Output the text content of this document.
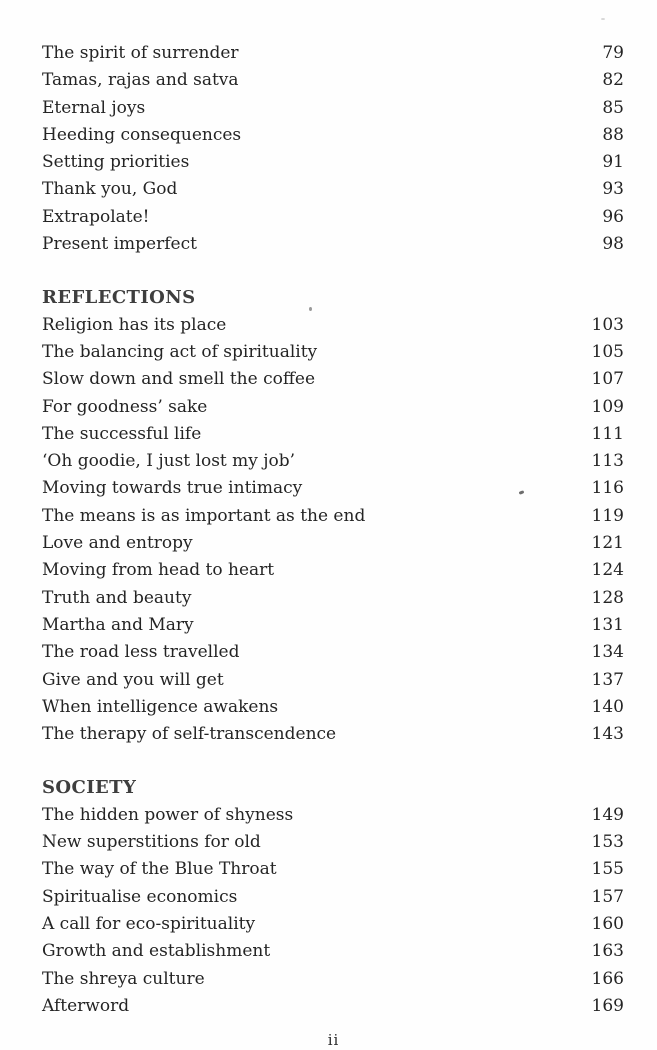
The spirit of surrender	79
Tamas, rajas and satva	82
Eternal joys	85
Heeding consequences	88
Setting priorities	91
Thank you, God	93
Extrapolate!	96
Present imperfect	98
REFLECTIONS
Religion has its place	103
The balancing act of spirituality	105
Slow down and smell the coffee	107
For goodness’ sake	109
The successful life	111
‘Oh goodie, I just lost my job’	113
Moving towards true intimacy	116
The means is as important as the end	119
Love and entropy	121
Moving from head to heart	124
Truth and beauty	128
Martha and Mary	131
The road less travelled	134
Give and you will get	137
When intelligence awakens	140
The therapy of self-transcendence	143
SOCIETY
The hidden power of shyness	149
New superstitions for old	153
The way of the Blue Throat	155
Spiritualise economics	157
A call for eco-spirituality	160
Growth and establishment	163
The shreya culture	166
Afterword	169
ii
